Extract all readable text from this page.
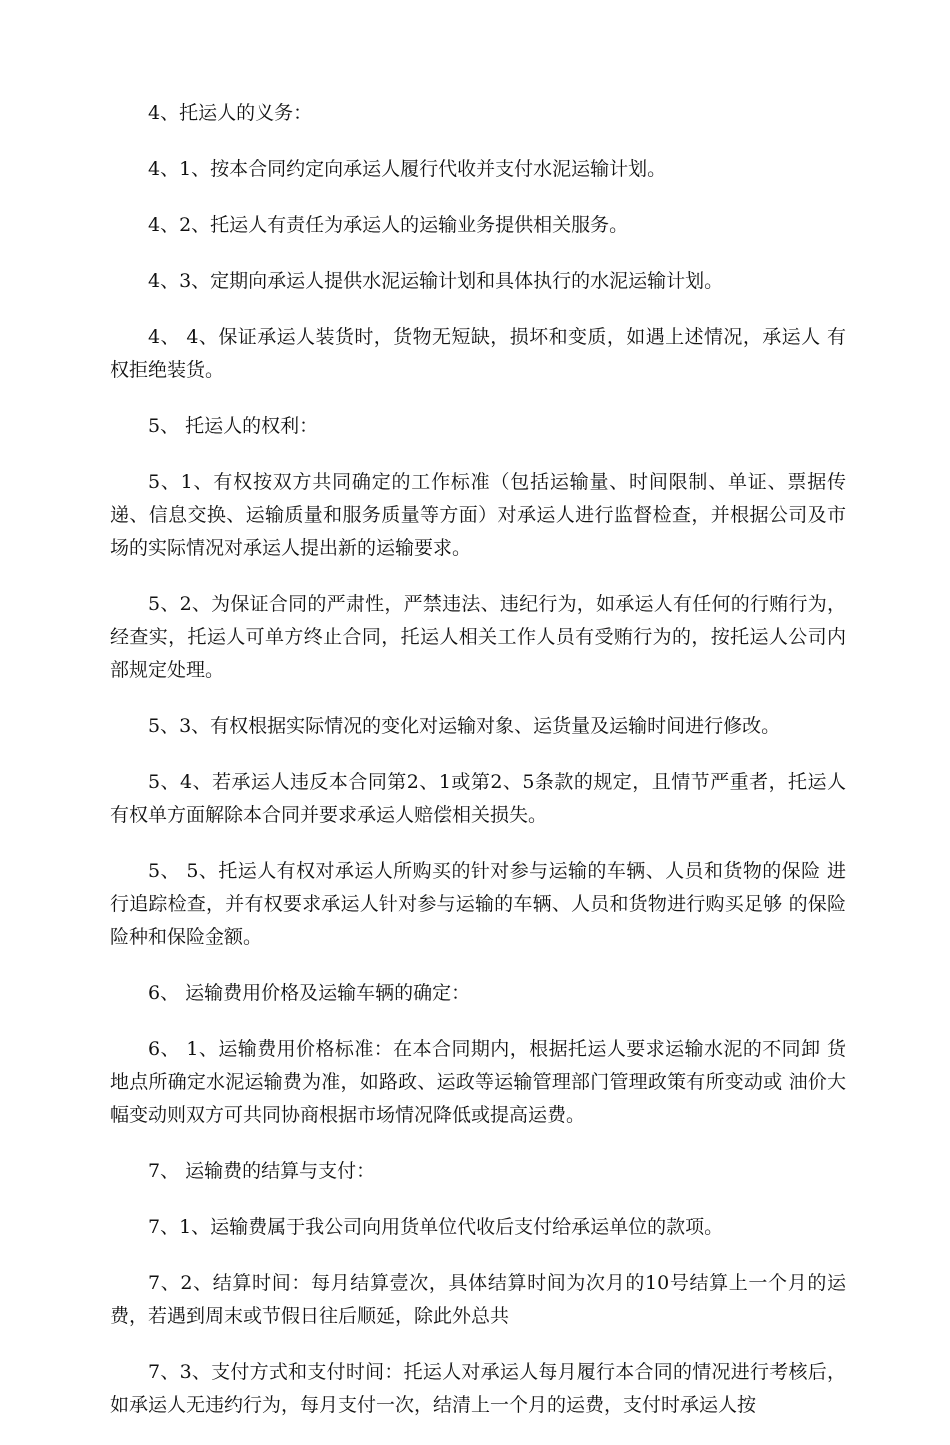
4、托运人的义务：

4、1、按本合同约定向承运人履行代收并支付水泥运输计划。

4、2、托运人有责任为承运人的运输业务提供相关服务。

4、3、定期向承运人提供水泥运输计划和具体执行的水泥运输计划。

4、 4、保证承运人装货时，货物无短缺，损坏和变质，如遇上述情况，承运人 有权拒绝装货。

5、 托运人的权利：

5、1、有权按双方共同确定的工作标准（包括运输量、时间限制、单证、票据传递、信息交换、运输质量和服务质量等方面）对承运人进行监督检查，并根据公司及市场的实际情况对承运人提出新的运输要求。

5、2、为保证合同的严肃性，严禁违法、违纪行为，如承运人有任何的行贿行为，经查实，托运人可单方终止合同，托运人相关工作人员有受贿行为的，按托运人公司内部规定处理。

5、3、有权根据实际情况的变化对运输对象、运货量及运输时间进行修改。

5、4、若承运人违反本合同第2、1或第2、5条款的规定，且情节严重者，托运人有权单方面解除本合同并要求承运人赔偿相关损失。

5、 5、托运人有权对承运人所购买的针对参与运输的车辆、人员和货物的保险 进行追踪检查，并有权要求承运人针对参与运输的车辆、人员和货物进行购买足够 的保险险种和保险金额。

6、 运输费用价格及运输车辆的确定：

6、 1、运输费用价格标准：在本合同期内，根据托运人要求运输水泥的不同卸 货地点所确定水泥运输费为准，如路政、运政等运输管理部门管理政策有所变动或 油价大幅变动则双方可共同协商根据市场情况降低或提高运费。

7、 运输费的结算与支付：

7、1、运输费属于我公司向用货单位代收后支付给承运单位的款项。

7、2、结算时间：每月结算壹次，具体结算时间为次月的10号结算上一个月的运费，若遇到周末或节假日往后顺延，除此外总共

7、3、支付方式和支付时间：托运人对承运人每月履行本合同的情况进行考核后，如承运人无违约行为，每月支付一次，结清上一个月的运费，支付时承运人按
